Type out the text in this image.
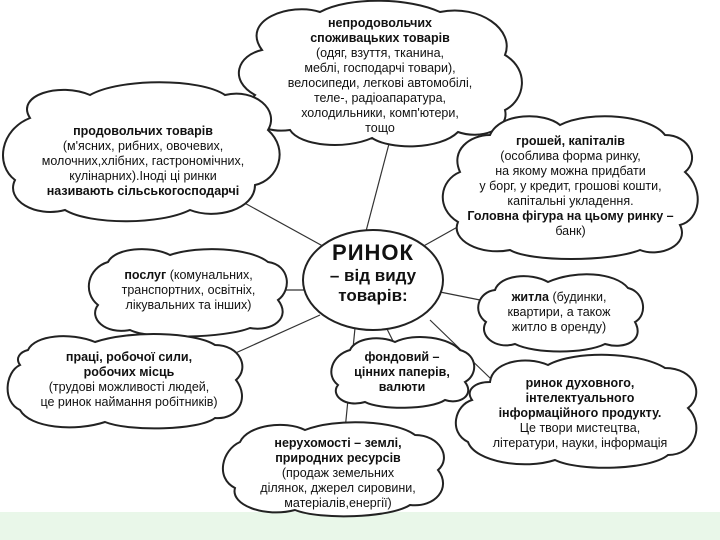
непродовольчих
споживацьких товарів
(одяг, взуття, тканина,
меблі, господарчі товари),
велосипеди, легкові автомобілі,
теле-, радіоапаратура,
холодильники, комп'ютери,
тощо
продовольчих товарів
(м'ясних, рибних, овочевих,
молочних,хлібних, гастрономічних,
кулінарних).Іноді ці ринки
називають сільськогосподарчі
грошей, капіталів
(особлива форма ринку,
на якому можна придбати
у борг, у кредит, грошові кошти,
капітальні укладення.
Головна фігура на цьому ринку –
банк)
РИНОК
– від виду
товарів:
послуг (комунальних,
транспортних, освітніх,
лікувальних та інших)
житла (будинки,
квартири, а також
житло в оренду)
праці, робочої сили,
робочих місць
(трудові можливості людей,
це ринок наймання робітників)
фондовий –
цінних паперів,
валюти	ринок духовного,
інтелектуального
інформаційного продукту.
Це твори мистецтва,
літератури, науки, інформація
нерухомості – землі,
природних ресурсів
(продаж земельних
ділянок, джерел сировини,
матеріалів,енергії)
